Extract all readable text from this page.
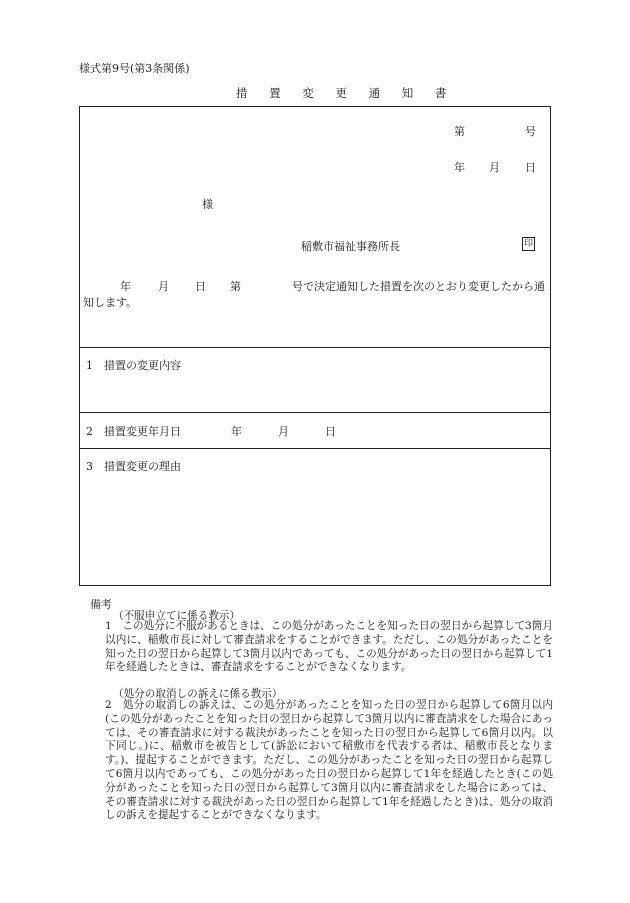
様式第9号(第3条関係)
措 置 変 更 通 知 書
第	号
年 月 日
様
稲敷市福祉事務所長	印
年 月 日 第	号で決定通知した措置を次のとおり変更したから通知します。
1　措置の変更内容
2　措置変更年月日	年	月	日
3　措置変更の理由
備考
（不服申立てに係る教示）
1　この処分に不服があるときは、この処分があったことを知った日の翌日から起算して3箇月以内に、稲敷市長に対して審査請求をすることができます。ただし、この処分があったことを知った日の翌日から起算して3箇月以内であっても、この処分があった日の翌日から起算して1年を経過したときは、審査請求をすることができなくなります。
（処分の取消しの訴えに係る教示）
2　処分の取消しの訴えは、この処分があったことを知った日の翌日から起算して6箇月以内(この処分があったことを知った日の翌日から起算して3箇月以内に審査請求をした場合にあっては、その審査請求に対する裁決があったことを知った日の翌日から起算して6箇月以内。以下同じ。)に、稲敷市を被告として(訴訟において稲敷市を代表する者は、稲敷市長となります。)、提起することができます。ただし、この処分があったことを知った日の翌日から起算して6箇月以内であっても、この処分があった日の翌日から起算して1年を経過したとき(この処分があったことを知った日の翌日から起算して3箇月以内に審査請求をした場合にあっては、その審査請求に対する裁決があった日の翌日から起算して1年を経過したとき)は、処分の取消しの訴えを提起することができなくなります。
